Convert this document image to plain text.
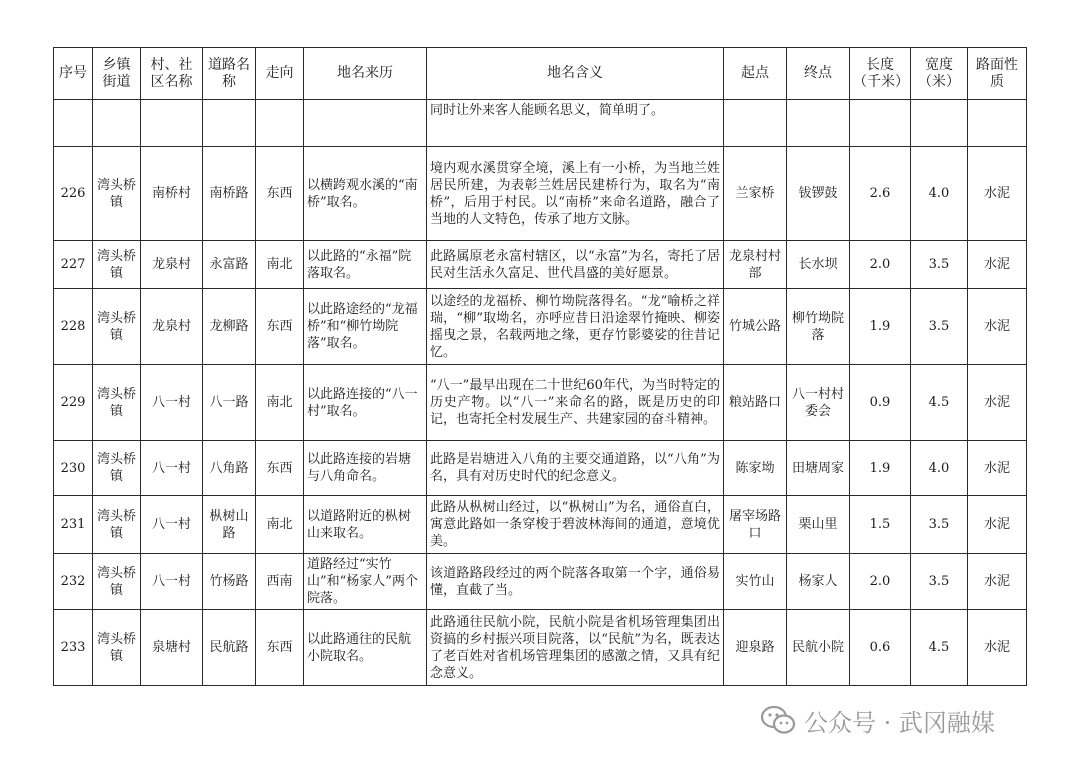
序号	乡镇街道	村、社区名称	道路名称	走向	地名来历	地名含义	起点	终点	长度（千米）	宽度（米）	路面性质
						同时让外来客人能顾名思义，简单明了。					
226	湾头桥镇	南桥村	南桥路	东西	以横跨观水溪的“南桥”取名。	境内观水溪贯穿全境，溪上有一小桥，为当地兰姓居民所建，为表彰兰姓居民建桥行为，取名为“南桥”，后用于村民。以“南桥”来命名道路，融合了当地的人文特色，传承了地方文脉。	兰家桥	钹锣鼓	2.6	4.0	水泥
227	湾头桥镇	龙泉村	永富路	南北	以此路的“永福”院落取名。	此路属原老永富村辖区，以“永富”为名，寄托了居民对生活永久富足、世代昌盛的美好愿景。	龙泉村村部	长水坝	2.0	3.5	水泥
228	湾头桥镇	龙泉村	龙柳路	东西	以此路途经的“龙福桥”和“柳竹坳院落”取名。	以途经的龙福桥、柳竹坳院落得名。“龙”喻桥之祥瑞，“柳”取坳名，亦呼应昔日沿途翠竹掩映、柳姿摇曳之景，名载两地之缘，更存竹影婆娑的往昔记忆。	竹城公路	柳竹坳院落	1.9	3.5	水泥
229	湾头桥镇	八一村	八一路	南北	以此路连接的“八一村”取名。	“八一”最早出现在二十世纪60年代，为当时特定的历史产物。以“八一”来命名的路，既是历史的印记，也寄托全村发展生产、共建家园的奋斗精神。	粮站路口	八一村村委会	0.9	4.5	水泥
230	湾头桥镇	八一村	八角路	东西	以此路连接的岩塘与八角命名。	此路是岩塘进入八角的主要交通道路，以“八角”为名，具有对历史时代的纪念意义。	陈家坳	田塘周家	1.9	4.0	水泥
231	湾头桥镇	八一村	枞树山路	南北	以道路附近的枞树山来取名。	此路从枞树山经过，以“枞树山”为名，通俗直白，寓意此路如一条穿梭于碧波林海间的通道，意境优美。	屠宰场路口	栗山里	1.5	3.5	水泥
232	湾头桥镇	八一村	竹杨路	西南	道路经过“实竹山”和“杨家人”两个院落。	该道路路段经过的两个院落各取第一个字，通俗易懂，直截了当。	实竹山	杨家人	2.0	3.5	水泥
233	湾头桥镇	泉塘村	民航路	东西	以此路通往的民航小院取名。	此路通往民航小院，民航小院是省机场管理集团出资搞的乡村振兴项目院落，以“民航”为名，既表达了老百姓对省机场管理集团的感激之情，又具有纪念意义。	迎泉路	民航小院	0.6	4.5	水泥
公众号 · 武冈融媒
